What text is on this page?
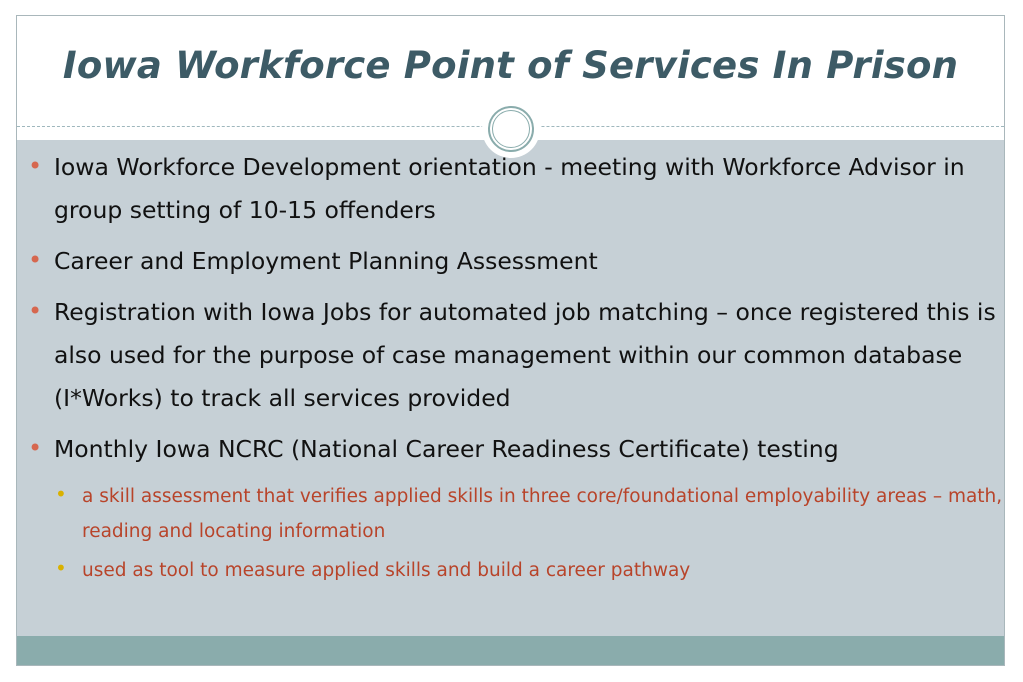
Iowa Workforce Point of Services In Prison
• Iowa Workforce Development orientation - meeting with Workforce Advisor in group setting of 10-15 offenders
• Career and Employment Planning Assessment
• Registration with Iowa Jobs for automated job matching – once registered this is also used for the purpose of case management within our common database (I*Works) to track all services provided
• Monthly Iowa NCRC (National Career Readiness Certificate) testing
• a skill assessment that verifies applied skills in three core/foundational employability areas – math, reading and locating information
• used as tool to measure applied skills and build a career pathway
